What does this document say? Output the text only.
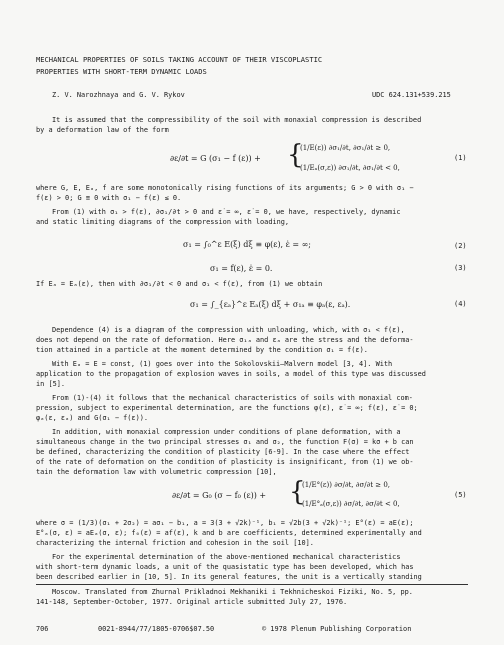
MECHANICAL PROPERTIES OF SOILS TAKING ACCOUNT OF THEIR VISCOPLASTIC
PROPERTIES WITH SHORT-TERM DYNAMIC LOADS
Z. V. Narozhnaya and G. V. Rykov	UDC 624.131+539.215
It is assumed that the compressibility of the soil with monaxial compression is described
by a deformation law of the form
∂ε/∂t = G (σ₁ − f (ε)) + {
(1/E(ε)) ∂σ₁/∂t, ∂σ₁/∂t ≥ 0,
(1/Eₐ(σ,ε)) ∂σ₁/∂t, ∂σ₁/∂t < 0,
(1)
where G, E, Eₐ, f are some monotonically rising functions of its arguments; G > 0 with σ₁ −
f(ε) > 0; G ≡ 0 with σ₁ − f(ε) ≤ 0.
From (1) with σ₁ > f(ε), ∂σ₁/∂t > 0 and ε̇ = ∞, ε̇ = 0, we have, respectively, dynamic
and static limiting diagrams of the compression with loading,
σ₁ = ∫₀^ε E(ξ) dξ ≡ φ(ε), ε̇ = ∞;	(2)
σ₁ = f(ε), ε̇ = 0.	(3)
If Eₐ = Eₐ(ε), then with ∂σ₁/∂t < 0 and σ₁ < f(ε), from (1) we obtain
σ₁ = ∫_{εₐ}^ε Eₐ(ξ) dξ + σ₁ₐ ≡ φₐ(ε, εₐ).	(4)
Dependence (4) is a diagram of the compression with unloading, which, with σ₁ < f(ε),
does not depend on the rate of deformation. Here σ₁ₐ and εₐ are the stress and the deforma-
tion attained in a particle at the moment determined by the condition σ₁ = f(ε).
With Eₐ = E = const, (1) goes over into the Sokolovskii–Malvern model [3, 4]. With
application to the propagation of explosion waves in soils, a model of this type was discussed
in [5].
From (1)-(4) it follows that the mechanical characteristics of soils with monaxial com-
pression, subject to experimental determination, are the functions φ(ε), ε̇ = ∞; f(ε), ε̇ = 0;
φₐ(ε, εₐ) and G(σ₁ − f(ε)).
In addition, with monaxial compression under conditions of plane deformation, with a
simultaneous change in the two principal stresses σ₁ and σ₂, the function F(σ) = kσ + b can
be defined, characterizing the condition of plasticity [6-9]. In the case where the effect
of the rate of deformation on the condition of plasticity is insignificant, from (1) we ob-
tain the deformation law with volumetric compression [10],
∂ε/∂t = G₀ (σ − f₀ (ε)) + {
(1/E°(ε)) ∂σ/∂t, ∂σ/∂t ≥ 0,
(1/E°ₐ(σ,ε)) ∂σ/∂t, ∂σ/∂t < 0,
(5)
where σ = (1/3)(σ₁ + 2σ₂) = aσ₁ − b₁, a = 3(3 + √2k)⁻¹, b₁ = √2b(3 + √2k)⁻¹; E°(ε) = aE(ε);
E°ₐ(σ, ε) = aEₐ(σ, ε); f₀(ε) = af(ε), k and b are coefficients, determined experimentally and
characterizing the internal friction and cohesion in the soil [10].
For the experimental determination of the above-mentioned mechanical characteristics
with short-term dynamic loads, a unit of the quasistatic type has been developed, which has
been described earlier in [10, 5]. In its general features, the unit is a vertically standing
Moscow. Translated from Zhurnal Prikladnoi Mekhaniki i Tekhnicheskoi Fiziki, No. 5, pp.
141-148, September-October, 1977. Original article submitted July 27, 1976.
706	0021-8944/77/1805-0706$07.50	© 1978 Plenum Publishing Corporation
